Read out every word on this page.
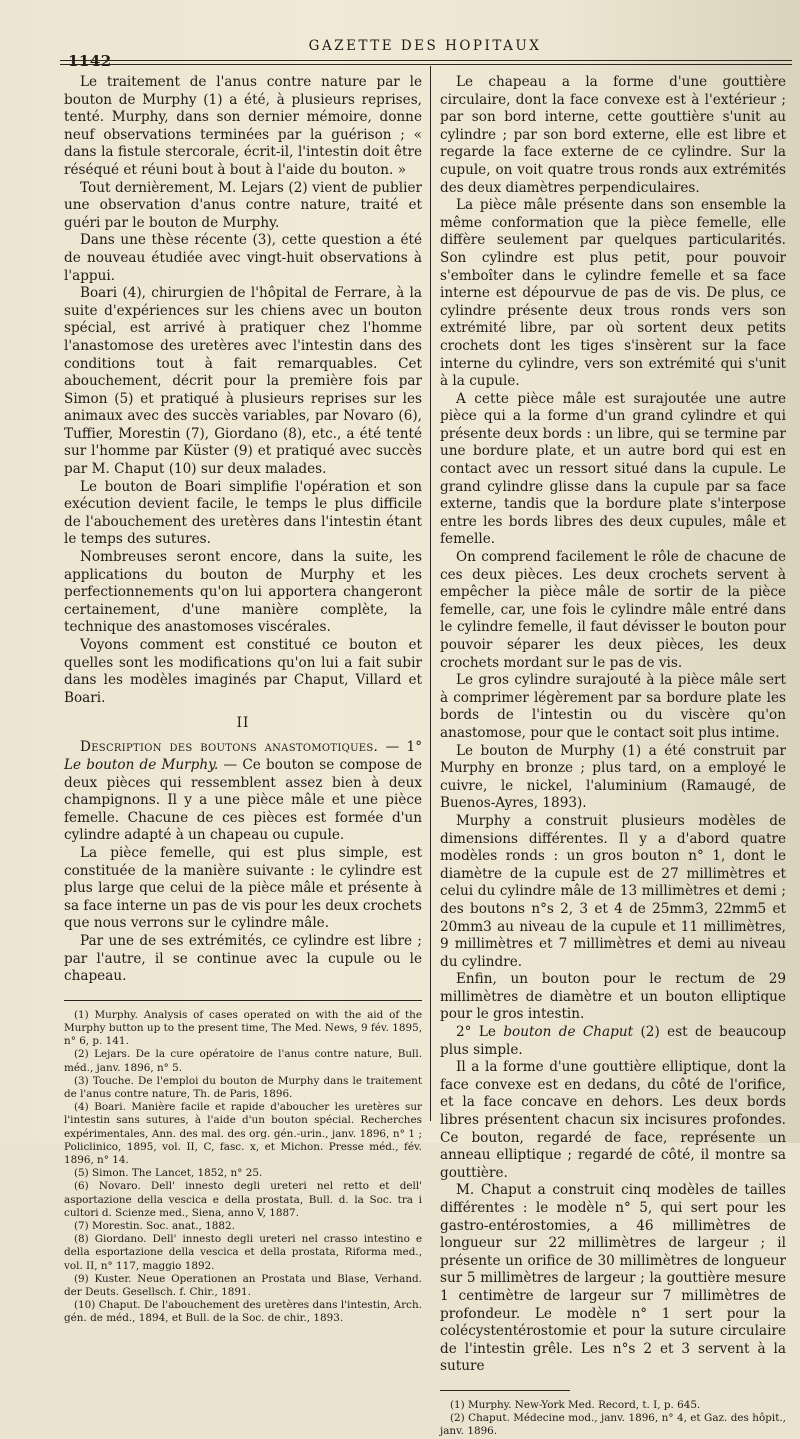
1142
GAZETTE DES HOPITAUX

Le traitement de l'anus contre nature par le bouton de Murphy (1) a été, à plusieurs reprises, tenté. Murphy, dans son dernier mémoire, donne neuf observations terminées par la guérison ; « dans la fistule stercorale, écrit-il, l'intestin doit être réséqué et réuni bout à bout à l'aide du bouton. »

Tout dernièrement, M. Lejars (2) vient de publier une observation d'anus contre nature, traité et guéri par le bouton de Murphy.

Dans une thèse récente (3), cette question a été de nouveau étudiée avec vingt-huit observations à l'appui.

Boari (4), chirurgien de l'hôpital de Ferrare, à la suite d'expériences sur les chiens avec un bouton spécial, est arrivé à pratiquer chez l'homme l'anastomose des uretères avec l'intestin dans des conditions tout à fait remarquables. Cet abouchement, décrit pour la première fois par Simon (5) et pratiqué à plusieurs reprises sur les animaux avec des succès variables, par Novaro (6), Tuffier, Morestin (7), Giordano (8), etc., a été tenté sur l'homme par Küster (9) et pratiqué avec succès par M. Chaput (10) sur deux malades.

Le bouton de Boari simplifie l'opération et son exécution devient facile, le temps le plus difficile de l'abouchement des uretères dans l'intestin étant le temps des sutures.

Nombreuses seront encore, dans la suite, les applications du bouton de Murphy et les perfectionnements qu'on lui apportera changeront certainement, d'une manière complète, la technique des anastomoses viscérales.

Voyons comment est constitué ce bouton et quelles sont les modifications qu'on lui a fait subir dans les modèles imaginés par Chaput, Villard et Boari.

II

Description des boutons anastomotiques. — 1° Le bouton de Murphy. — Ce bouton se compose de deux pièces qui ressemblent assez bien à deux champignons. Il y a une pièce mâle et une pièce femelle. Chacune de ces pièces est formée d'un cylindre adapté à un chapeau ou cupule.

La pièce femelle, qui est plus simple, est constituée de la manière suivante : le cylindre est plus large que celui de la pièce mâle et présente à sa face interne un pas de vis pour les deux crochets que nous verrons sur le cylindre mâle.

Par une de ses extrémités, ce cylindre est libre ; par l'autre, il se continue avec la cupule ou le chapeau.

(1) Murphy. Analysis of cases operated on with the aid of the Murphy button up to the present time, The Med. News, 9 fév. 1895, n° 6, p. 141.

(2) Lejars. De la cure opératoire de l'anus contre nature, Bull. méd., janv. 1896, n° 5.

(3) Touche. De l'emploi du bouton de Murphy dans le traitement de l'anus contre nature, Th. de Paris, 1896.

(4) Boari. Manière facile et rapide d'aboucher les uretères sur l'intestin sans sutures, à l'aide d'un bouton spécial. Recherches expérimentales, Ann. des mal. des org. gén.-urin., janv. 1896, n° 1 ; Policlinico, 1895, vol. II, C, fasc. x, et Michon. Presse méd., fév. 1896, n° 14.

(5) Simon. The Lancet, 1852, n° 25.

(6) Novaro. Dell' innesto degli ureteri nel retto et dell' asportazione della vescica e della prostata, Bull. d. la Soc. tra i cultori d. Scienze med., Siena, anno V, 1887.

(7) Morestin. Soc. anat., 1882.

(8) Giordano. Dell' innesto degli ureteri nel crasso intestino e della esportazione della vescica et della prostata, Riforma med., vol. II, n° 117, maggio 1892.

(9) Kuster. Neue Operationen an Prostata und Blase, Verhand. der Deuts. Gesellsch. f. Chir., 1891.

(10) Chaput. De l'abouchement des uretères dans l'intestin, Arch. gén. de méd., 1894, et Bull. de la Soc. de chir., 1893.

Le chapeau a la forme d'une gouttière circulaire, dont la face convexe est à l'extérieur ; par son bord interne, cette gouttière s'unit au cylindre ; par son bord externe, elle est libre et regarde la face externe de ce cylindre. Sur la cupule, on voit quatre trous ronds aux extrémités des deux diamètres perpendiculaires.

La pièce mâle présente dans son ensemble la même conformation que la pièce femelle, elle diffère seulement par quelques particularités. Son cylindre est plus petit, pour pouvoir s'emboîter dans le cylindre femelle et sa face interne est dépourvue de pas de vis. De plus, ce cylindre présente deux trous ronds vers son extrémité libre, par où sortent deux petits crochets dont les tiges s'insèrent sur la face interne du cylindre, vers son extrémité qui s'unit à la cupule.

A cette pièce mâle est surajoutée une autre pièce qui a la forme d'un grand cylindre et qui présente deux bords : un libre, qui se termine par une bordure plate, et un autre bord qui est en contact avec un ressort situé dans la cupule. Le grand cylindre glisse dans la cupule par sa face externe, tandis que la bordure plate s'interpose entre les bords libres des deux cupules, mâle et femelle.

On comprend facilement le rôle de chacune de ces deux pièces. Les deux crochets servent à empêcher la pièce mâle de sortir de la pièce femelle, car, une fois le cylindre mâle entré dans le cylindre femelle, il faut dévisser le bouton pour pouvoir séparer les deux pièces, les deux crochets mordant sur le pas de vis.

Le gros cylindre surajouté à la pièce mâle sert à comprimer légèrement par sa bordure plate les bords de l'intestin ou du viscère qu'on anastomose, pour que le contact soit plus intime.

Le bouton de Murphy (1) a été construit par Murphy en bronze ; plus tard, on a employé le cuivre, le nickel, l'aluminium (Ramaugé, de Buenos-Ayres, 1893).

Murphy a construit plusieurs modèles de dimensions différentes. Il y a d'abord quatre modèles ronds : un gros bouton n° 1, dont le diamètre de la cupule est de 27 millimètres et celui du cylindre mâle de 13 millimètres et demi ; des boutons n°s 2, 3 et 4 de 25mm3, 22mm5 et 20mm3 au niveau de la cupule et 11 millimètres, 9 millimètres et 7 millimètres et demi au niveau du cylindre.

Enfin, un bouton pour le rectum de 29 millimètres de diamètre et un bouton elliptique pour le gros intestin.

2° Le bouton de Chaput (2) est de beaucoup plus simple.

Il a la forme d'une gouttière elliptique, dont la face convexe est en dedans, du côté de l'orifice, et la face concave en dehors. Les deux bords libres présentent chacun six incisures profondes. Ce bouton, regardé de face, représente un anneau elliptique ; regardé de côté, il montre sa gouttière.

M. Chaput a construit cinq modèles de tailles différentes : le modèle n° 5, qui sert pour les gastro-entérostomies, a 46 millimètres de longueur sur 22 millimètres de largeur ; il présente un orifice de 30 millimètres de longueur sur 5 millimètres de largeur ; la gouttière mesure 1 centimètre de largeur sur 7 millimètres de profondeur. Le modèle n° 1 sert pour la colécystentérostomie et pour la suture circulaire de l'intestin grêle. Les n°s 2 et 3 servent à la suture

(1) Murphy. New-York Med. Record, t. I, p. 645.

(2) Chaput. Médecine mod., janv. 1896, n° 4, et Gaz. des hôpit., janv. 1896.
